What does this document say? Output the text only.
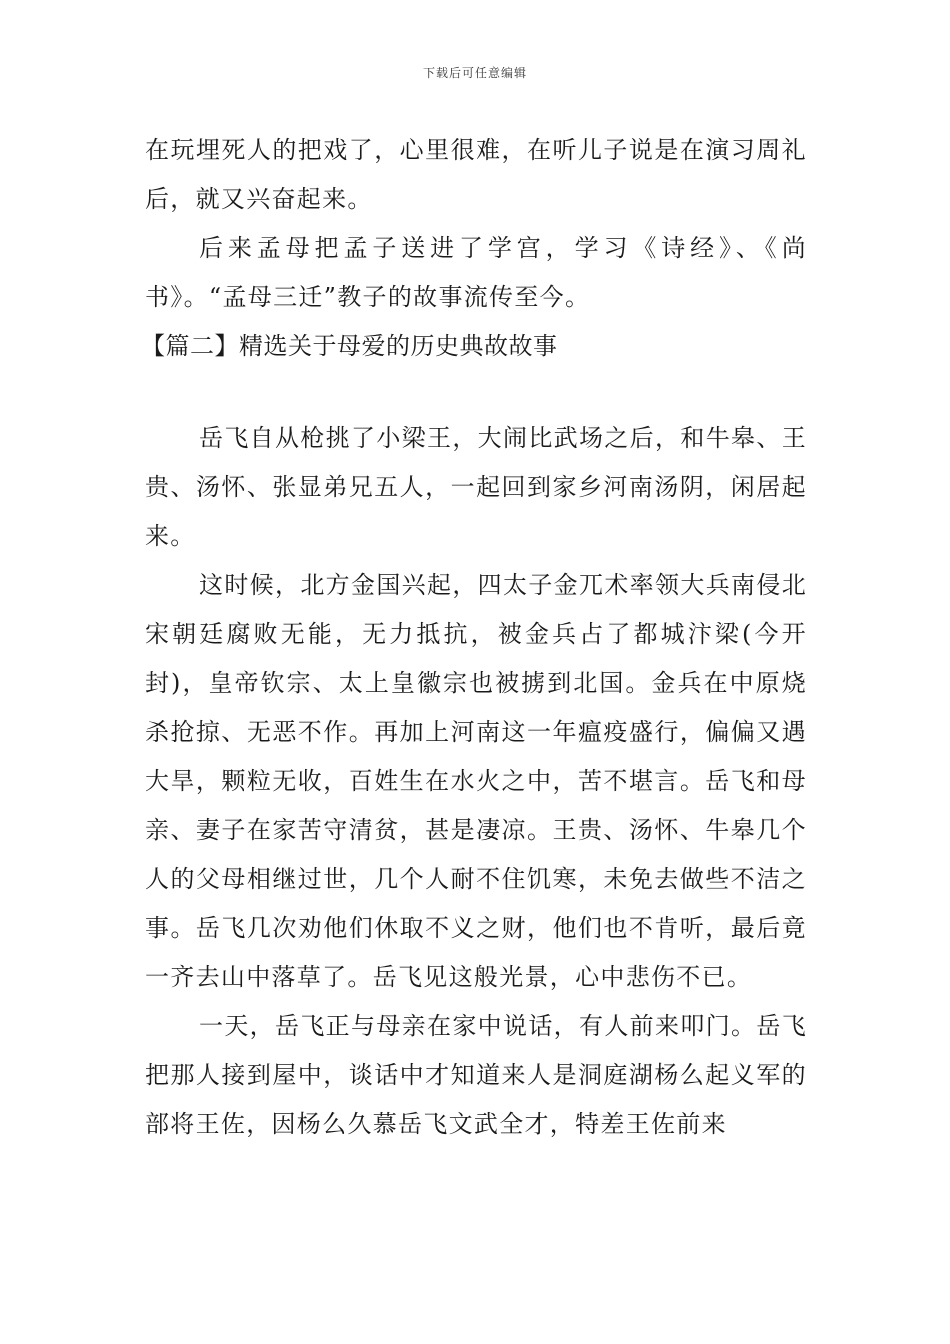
下载后可任意编辑

在玩埋死人的把戏了，心里很难，在听儿子说是在演习周礼后，就又兴奋起来。

后来孟母把孟子送进了学宫，学习《诗经》、《尚书》。“孟母三迁”教子的故事流传至今。

【篇二】精选关于母爱的历史典故故事

岳飞自从枪挑了小梁王，大闹比武场之后，和牛皋、王贵、汤怀、张显弟兄五人，一起回到家乡河南汤阴，闲居起来。

这时候，北方金国兴起，四太子金兀术率领大兵南侵北宋朝廷腐败无能，无力抵抗，被金兵占了都城汴梁(今开封)，皇帝钦宗、太上皇徽宗也被掳到北国。金兵在中原烧杀抢掠、无恶不作。再加上河南这一年瘟疫盛行，偏偏又遇大旱，颗粒无收，百姓生在水火之中，苦不堪言。岳飞和母亲、妻子在家苦守清贫，甚是凄凉。王贵、汤怀、牛皋几个人的父母相继过世，几个人耐不住饥寒，未免去做些不洁之事。岳飞几次劝他们休取不义之财，他们也不肯听，最后竟一齐去山中落草了。岳飞见这般光景，心中悲伤不已。

一天，岳飞正与母亲在家中说话，有人前来叩门。岳飞把那人接到屋中，谈话中才知道来人是洞庭湖杨么起义军的部将王佐，因杨么久慕岳飞文武全才，特差王佐前来
